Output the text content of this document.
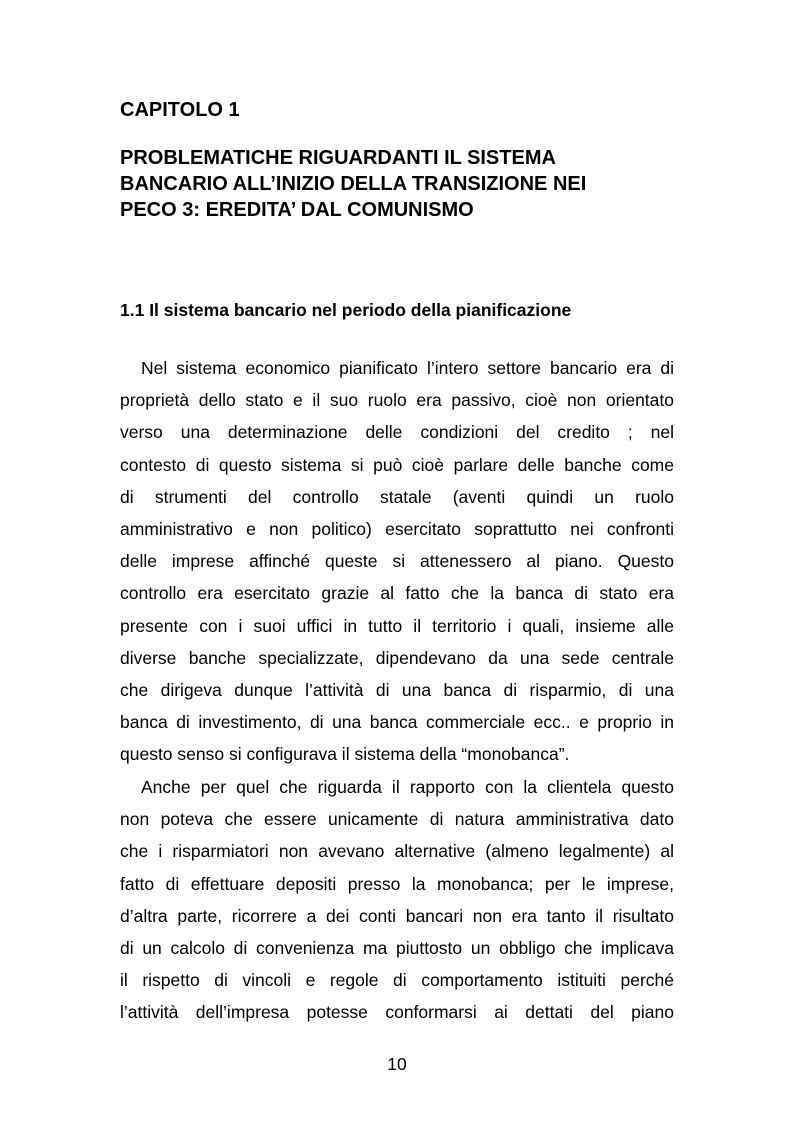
CAPITOLO 1
PROBLEMATICHE RIGUARDANTI IL SISTEMA
BANCARIO ALL’INIZIO DELLA TRANSIZIONE NEI
PECO 3: EREDITA’ DAL COMUNISMO
1.1 Il sistema bancario nel periodo della pianificazione
Nel sistema economico pianificato l’intero settore bancario era di
proprietà dello stato e il suo ruolo era passivo, cioè non orientato
verso una determinazione delle condizioni del credito ; nel
contesto di questo sistema si può cioè parlare delle banche come
di strumenti del controllo statale (aventi quindi un ruolo
amministrativo e non politico) esercitato soprattutto nei confronti
delle imprese affinché queste si attenessero al piano. Questo
controllo era esercitato grazie al fatto che la banca di stato era
presente con i suoi uffici in tutto il territorio i quali, insieme alle
diverse banche specializzate, dipendevano da una sede centrale
che dirigeva dunque l’attività di una banca di risparmio, di una
banca di investimento, di una banca commerciale ecc.. e proprio in
questo senso si configurava il sistema della “monobanca”.
Anche per quel che riguarda il rapporto con la clientela questo
non poteva che essere unicamente di natura amministrativa dato
che i risparmiatori non avevano alternative (almeno legalmente) al
fatto di effettuare depositi presso la monobanca; per le imprese,
d’altra parte, ricorrere a dei conti bancari non era tanto il risultato
di un calcolo di convenienza ma piuttosto un obbligo che implicava
il rispetto di vincoli e regole di comportamento istituiti perché
l’attività dell’impresa potesse conformarsi ai dettati del piano
10
